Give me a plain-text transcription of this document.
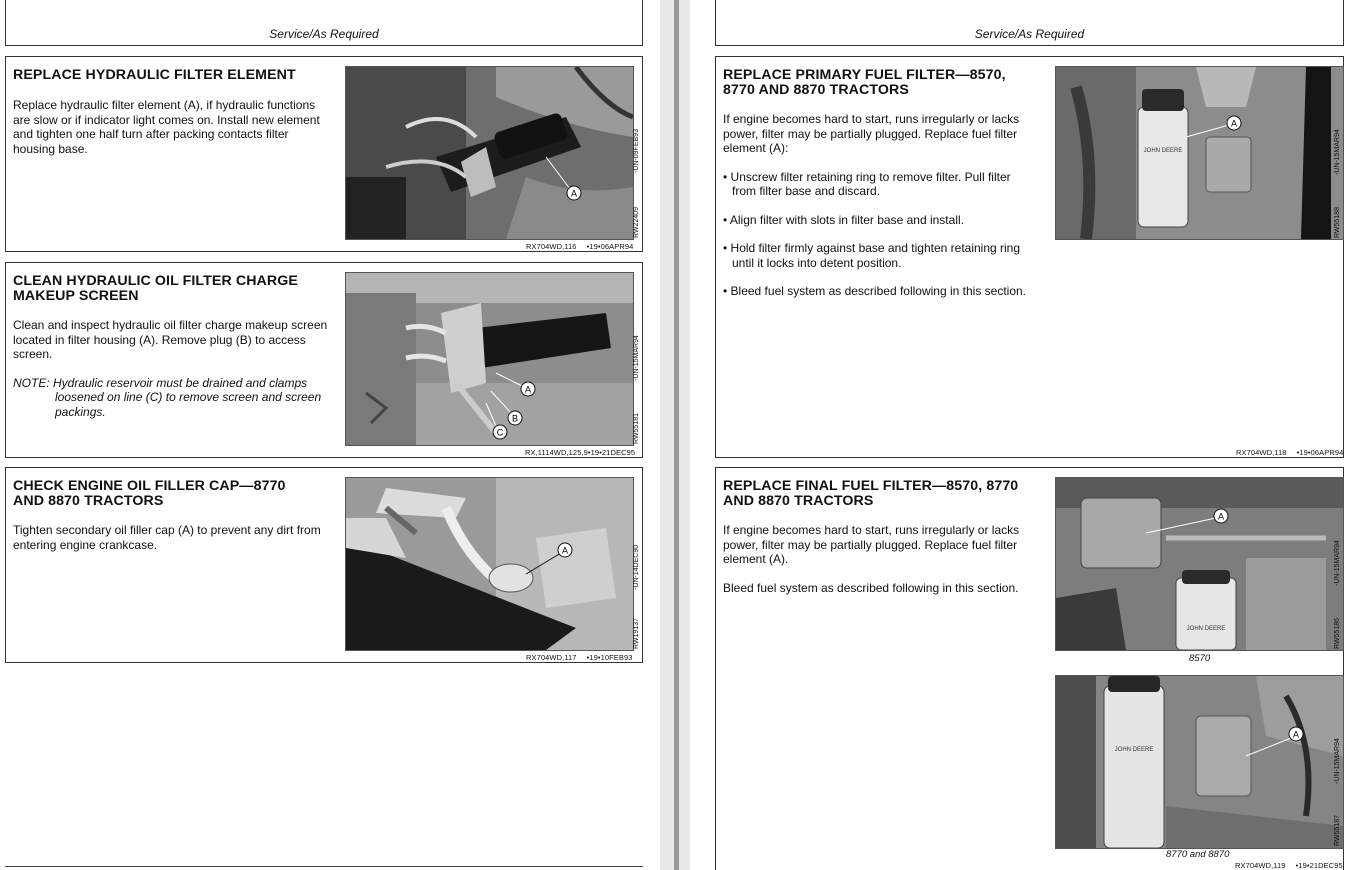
Service/As Required
REPLACE HYDRAULIC FILTER ELEMENT

Replace hydraulic filter element (A), if hydraulic functions are slow or if indicator light comes on. Install new element and tighten one half turn after packing contacts filter housing base.

A
-UN-09FEB93
RW22409
RX704WD,116 •19•06APR94
CLEAN HYDRAULIC OIL FILTER CHARGE
MAKEUP SCREEN

Clean and inspect hydraulic oil filter charge makeup screen located in filter housing (A). Remove plug (B) to access screen.

NOTE: Hydraulic reservoir must be drained and clamps loosened on line (C) to remove screen and screen packings.

A
B
C
-UN-15MAR94
RW55181
RX,1114WD,125,9•19•21DEC95
CHECK ENGINE OIL FILLER CAP—8770
AND 8870 TRACTORS

Tighten secondary oil filler cap (A) to prevent any dirt from entering engine crankcase.	A	-UN-14DEC90
RW19137
RX704WD,117 •19•10FEB93
Service/As Required
REPLACE PRIMARY FUEL FILTER—8570,
8770 AND 8870 TRACTORS

If engine becomes hard to start, runs irregularly or lacks power, filter may be partially plugged. Replace fuel filter element (A):

• Unscrew filter retaining ring to remove filter. Pull filter from filter base and discard.

• Align filter with slots in filter base and install.

• Hold filter firmly against base and tighten retaining ring until it locks into detent position.

• Bleed fuel system as described following in this section.

JOHN DEERE
A
-UN-15MAR94
RW55188
RX704WD,118 •19•06APR94
REPLACE FINAL FUEL FILTER—8570, 8770
AND 8870 TRACTORS

If engine becomes hard to start, runs irregularly or lacks power, filter may be partially plugged. Replace fuel filter element (A).

Bleed fuel system as described following in this section.

JOHN DEERE
A
-UN-15MAR94
RW55186
8570
JOHN DEERE
A
-UN-15MAR94
RW55187
8770 and 8870
RX704WD,119 •19•21DEC95
